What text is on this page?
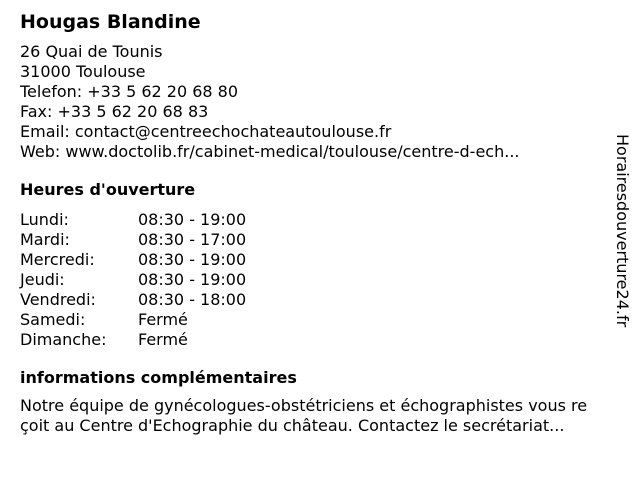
Hougas Blandine
26 Quai de Tounis
31000 Toulouse
Telefon: +33 5 62 20 68 80
Fax: +33 5 62 20 68 83
Email: contact@centreechochateautoulouse.fr
Web: www.doctolib.fr/cabinet-medical/toulouse/centre-d-ech...
Heures d'ouverture
Lundi:	08:30 - 19:00
Mardi:	08:30 - 17:00
Mercredi:	08:30 - 19:00
Jeudi:	08:30 - 19:00
Vendredi:	08:30 - 18:00
Samedi:	Fermé
Dimanche:	Fermé
informations complémentaires
Notre équipe de gynécologues-obstétriciens et échographistes vous re
çoit au Centre d'Echographie du château. Contactez le secrétariat...
Horairesdouverture24.fr
